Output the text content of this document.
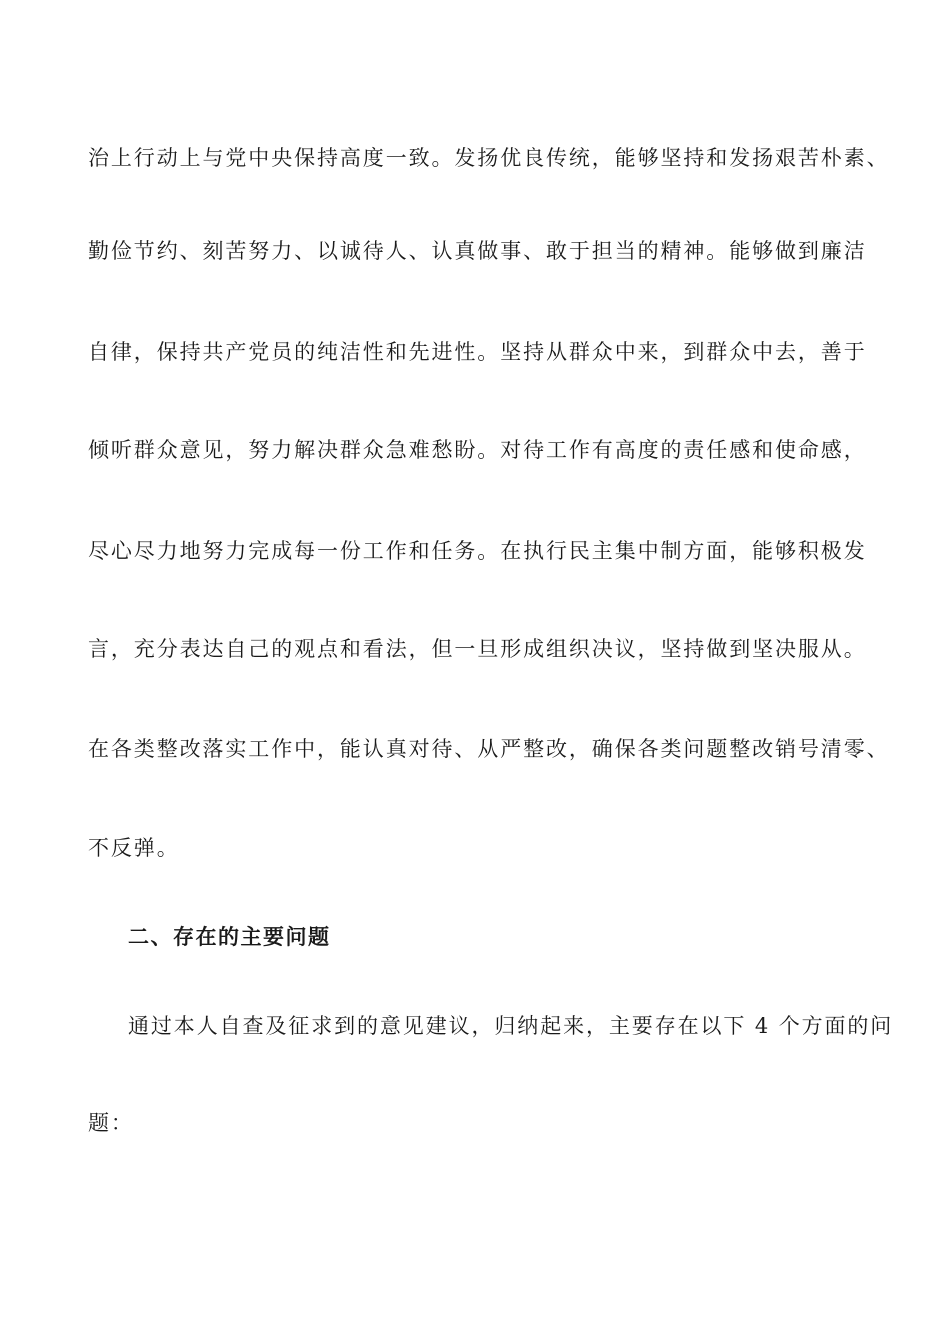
治上行动上与党中央保持高度一致。发扬优良传统，能够坚持和发扬艰苦朴素、
勤俭节约、刻苦努力、以诚待人、认真做事、敢于担当的精神。能够做到廉洁
自律，保持共产党员的纯洁性和先进性。坚持从群众中来，到群众中去，善于
倾听群众意见，努力解决群众急难愁盼。对待工作有高度的责任感和使命感，
尽心尽力地努力完成每一份工作和任务。在执行民主集中制方面，能够积极发
言，充分表达自己的观点和看法，但一旦形成组织决议，坚持做到坚决服从。
在各类整改落实工作中，能认真对待、从严整改，确保各类问题整改销号清零、
不反弹。
二、存在的主要问题
通过本人自查及征求到的意见建议，归纳起来，主要存在以下 4 个方面的问
题：
